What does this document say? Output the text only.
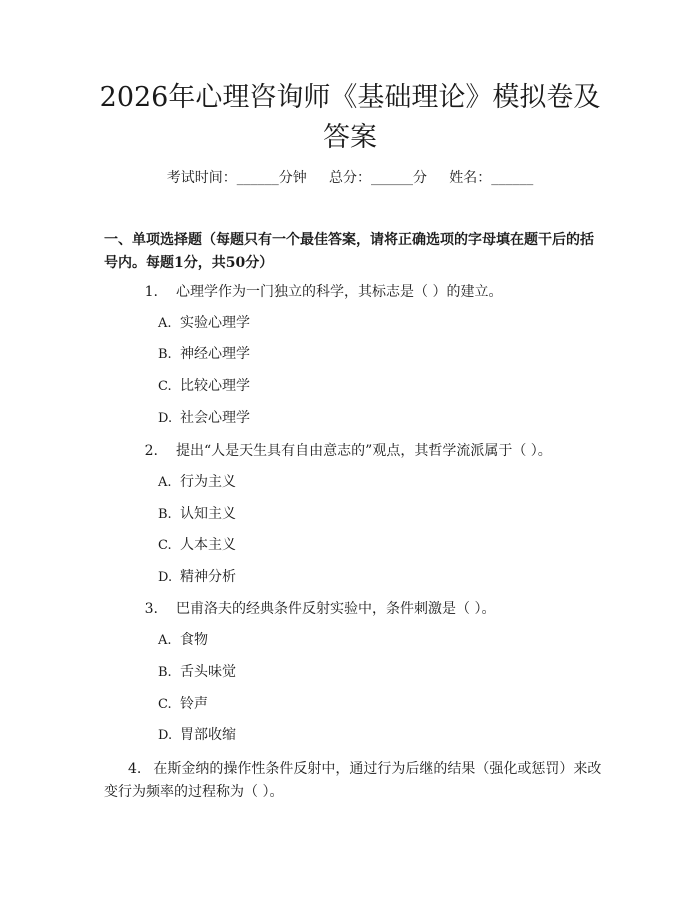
2026年心理咨询师《基础理论》模拟卷及答案
考试时间：______分钟     总分：______分     姓名：______
一、单项选择题（每题只有一个最佳答案，请将正确选项的字母填在题干后的括号内。每题1分，共50分）
1. 心理学作为一门独立的科学，其标志是（ ）的建立。
A. 实验心理学
B. 神经心理学
C. 比较心理学
D. 社会心理学
2. 提出“人是天生具有自由意志的”观点，其哲学流派属于（ ）。
A. 行为主义
B. 认知主义
C. 人本主义
D. 精神分析
3. 巴甫洛夫的经典条件反射实验中，条件刺激是（ ）。
A. 食物
B. 舌头味觉
C. 铃声
D. 胃部收缩
4. 在斯金纳的操作性条件反射中，通过行为后继的结果（强化或惩罚）来改变行为频率的过程称为（ ）。
